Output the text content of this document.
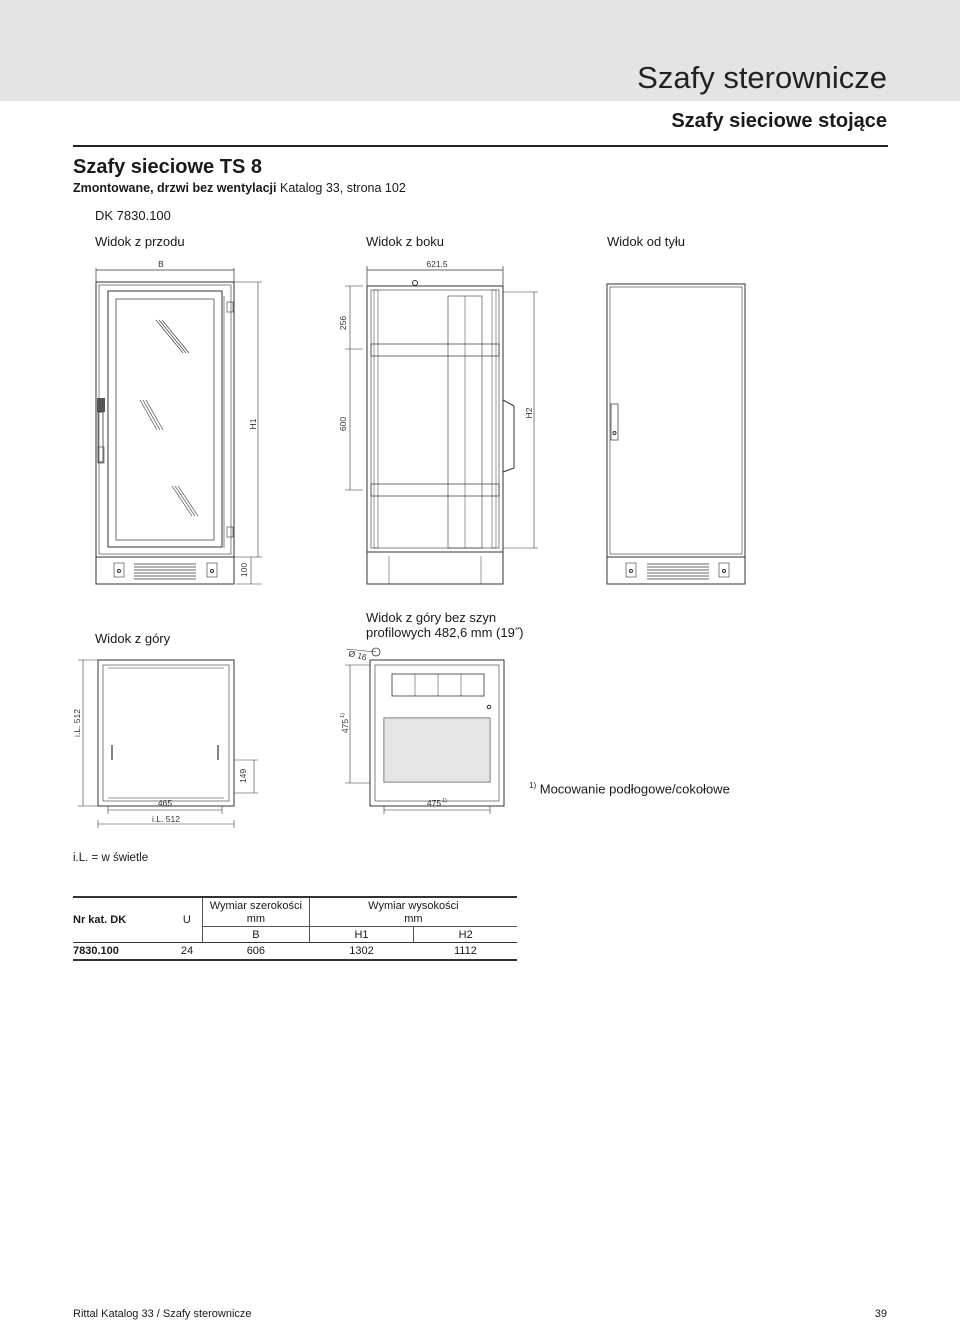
Szafy sterownicze
Szafy sieciowe stojące
Szafy sieciowe TS 8
Zmontowane, drzwi bez wentylacji Katalog 33, strona 102
DK 7830.100
Widok z przodu	Widok z boku	Widok od tyłu
B
H1
100
621.5
256
600
H2
Ø 16
i.L. 512	475
1)
149
465
i.L. 512
475 1)
Widok z góry
Widok z góry bez szyn
profilowych 482,6 mm (19˝)
$^{1)}$ Mocowanie podłogowe/cokołowe
i.L. = w świetle
Nr kat. DK	U	Wymiar szerokości
mm	Wymiar wysokości
mm	
		B	H1	H2
7830.100	24	606	1302	1112
Rittal Katalog 33 / Szafy sterownicze	39
